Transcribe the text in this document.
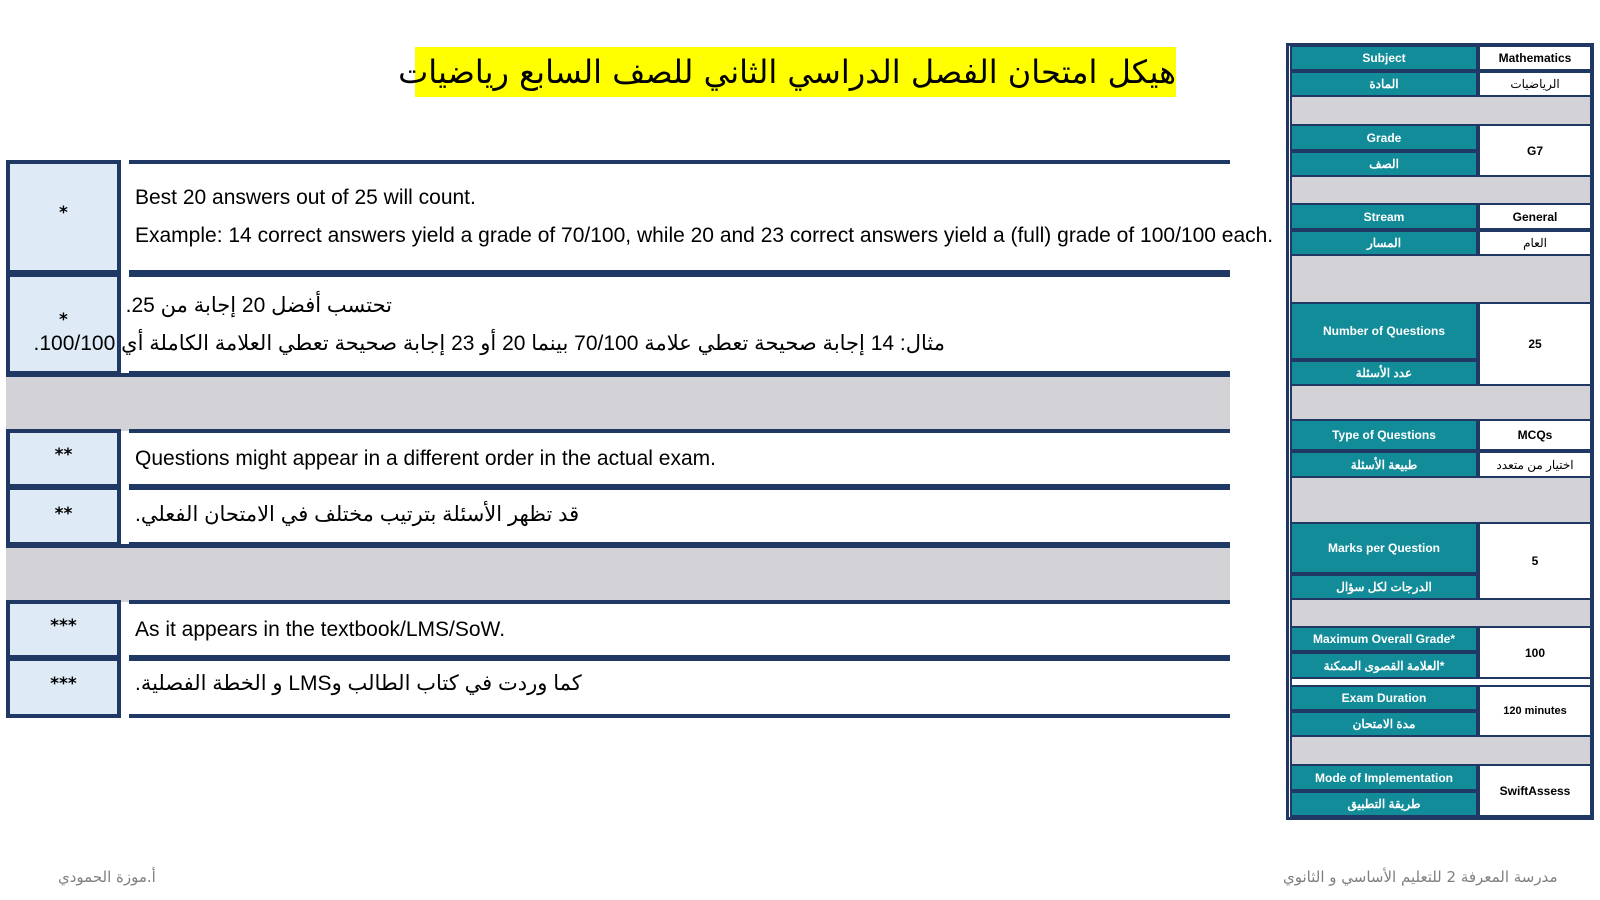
هيكل امتحان الفصل الدراسي الثاني للصف السابع رياضيات
*
Best 20 answers out of 25 will count.
Example: 14 correct answers yield a grade of 70/100, while 20 and 23 correct answers yield a (full) grade of 100/100 each.
*
تحتسب أفضل 20 إجابة من 25.
مثال: 14 إجابة صحيحة تعطي علامة 70/100 بينما 20 أو 23 إجابة صحيحة تعطي العلامة الكاملة أي 100/100.
**	Questions might appear in a different order in the actual exam.
**	قد تظهر الأسئلة بترتيب مختلف في الامتحان الفعلي.
***	As it appears in the textbook/LMS/SoW.
***	كما وردت في كتاب الطالب وLMS و الخطة الفصلية.
Subject	Mathematics
المادة	الرياضيات
Grade
الصف
G7
Stream	General
المسار	العام
Number of Questions
عدد الأسئلة
25
Type of Questions	MCQs
طبيعة الأسئلة	اختيار من متعدد
Marks per Question
الدرجات لكل سؤال
5
Maximum Overall Grade*
العلامة القصوى الممكنة*
100
Exam Duration
مدة الامتحان
120 minutes
Mode of Implementation
طريقة التطبيق
SwiftAssess
أ.موزة الحمودي	مدرسة المعرفة 2 للتعليم الأساسي و الثانوي
